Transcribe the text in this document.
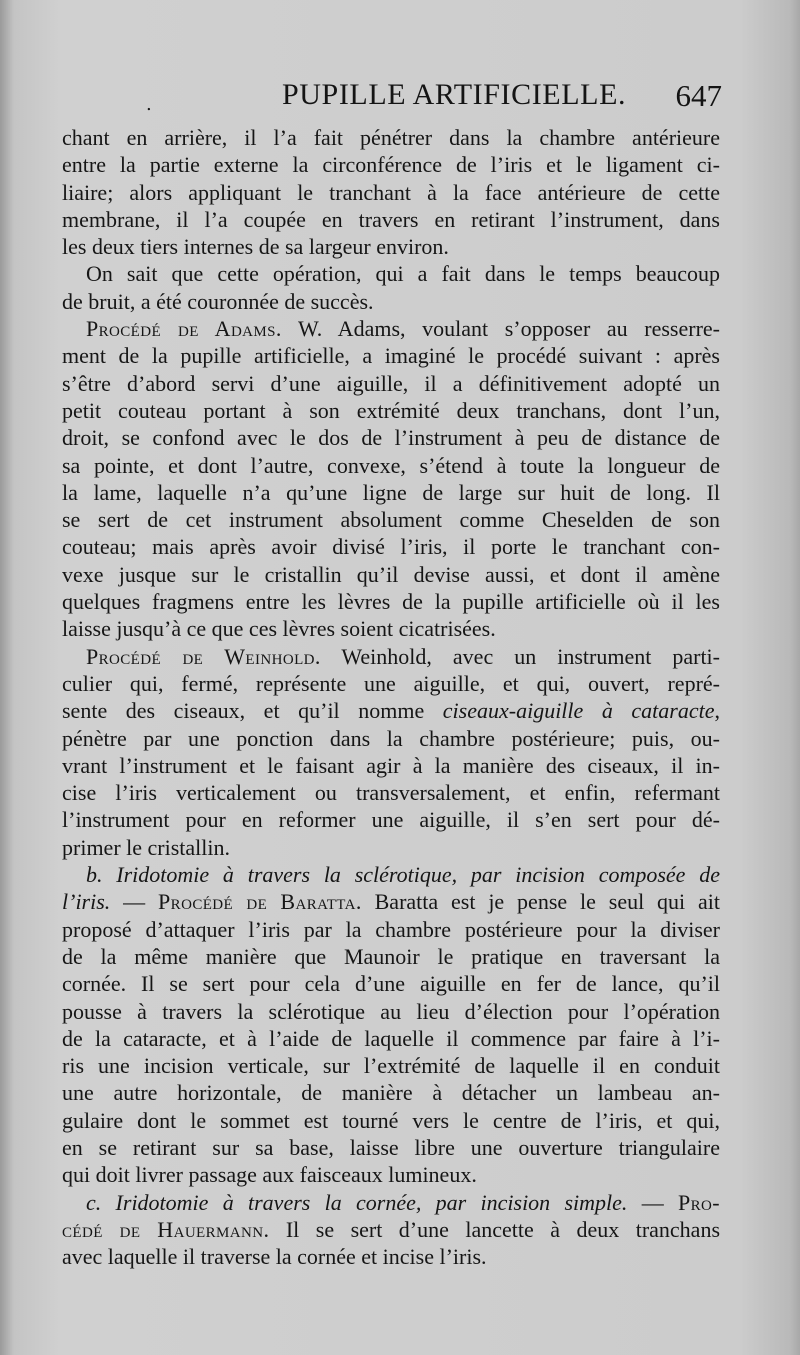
.	PUPILLE ARTIFICIELLE. 647

chant en arrière, il l’a fait pénétrer dans la chambre antérieure
entre la partie externe la circonférence de l’iris et le ligament ci-
liaire; alors appliquant le tranchant à la face antérieure de cette
membrane, il l’a coupée en travers en retirant l’instrument, dans
les deux tiers internes de sa largeur environ.

On sait que cette opération, qui a fait dans le temps beaucoup
de bruit, a été couronnée de succès.

Procédé de Adams. W. Adams, voulant s’opposer au resserre-
ment de la pupille artificielle, a imaginé le procédé suivant : après
s’être d’abord servi d’une aiguille, il a définitivement adopté un
petit couteau portant à son extrémité deux tranchans, dont l’un,
droit, se confond avec le dos de l’instrument à peu de distance de
sa pointe, et dont l’autre, convexe, s’étend à toute la longueur de
la lame, laquelle n’a qu’une ligne de large sur huit de long. Il
se sert de cet instrument absolument comme Cheselden de son
couteau; mais après avoir divisé l’iris, il porte le tranchant con-
vexe jusque sur le cristallin qu’il devise aussi, et dont il amène
quelques fragmens entre les lèvres de la pupille artificielle où il les
laisse jusqu’à ce que ces lèvres soient cicatrisées.

Procédé de Weinhold. Weinhold, avec un instrument parti-
culier qui, fermé, représente une aiguille, et qui, ouvert, repré-
sente des ciseaux, et qu’il nomme ciseaux-aiguille à cataracte,
pénètre par une ponction dans la chambre postérieure; puis, ou-
vrant l’instrument et le faisant agir à la manière des ciseaux, il in-
cise l’iris verticalement ou transversalement, et enfin, refermant
l’instrument pour en reformer une aiguille, il s’en sert pour dé-
primer le cristallin.

b. Iridotomie à travers la sclérotique, par incision composée de
l’iris. — Procédé de Baratta. Baratta est je pense le seul qui ait
proposé d’attaquer l’iris par la chambre postérieure pour la diviser
de la même manière que Maunoir le pratique en traversant la
cornée. Il se sert pour cela d’une aiguille en fer de lance, qu’il
pousse à travers la sclérotique au lieu d’élection pour l’opération
de la cataracte, et à l’aide de laquelle il commence par faire à l’i-
ris une incision verticale, sur l’extrémité de laquelle il en conduit
une autre horizontale, de manière à détacher un lambeau an-
gulaire dont le sommet est tourné vers le centre de l’iris, et qui,
en se retirant sur sa base, laisse libre une ouverture triangulaire
qui doit livrer passage aux faisceaux lumineux.

c. Iridotomie à travers la cornée, par incision simple. — Pro-
cédé de Hauermann. Il se sert d’une lancette à deux tranchans
avec laquelle il traverse la cornée et incise l’iris.
